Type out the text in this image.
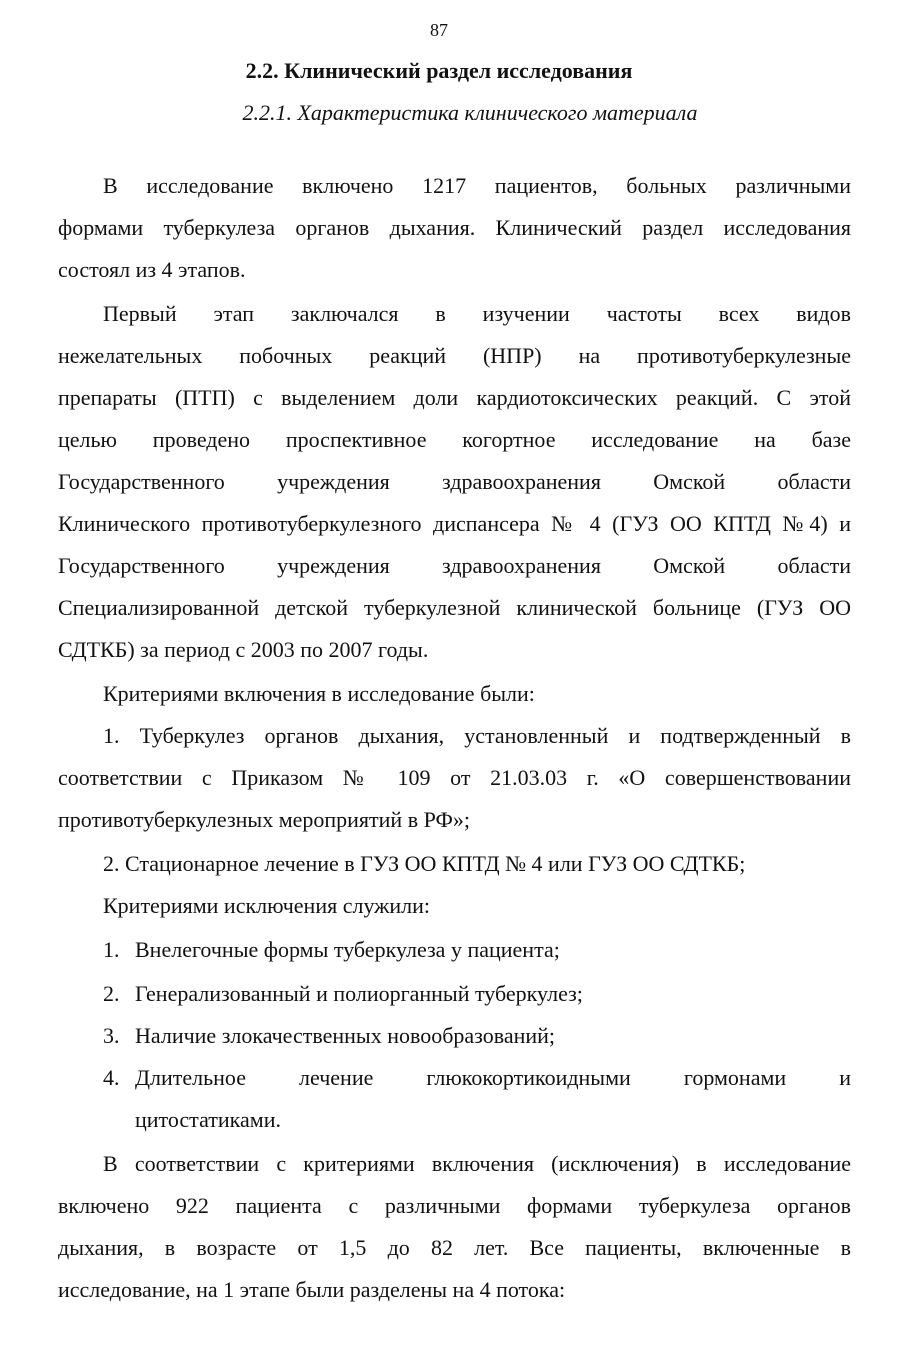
87
2.2. Клинический раздел исследования
2.2.1. Характеристика клинического материала
В исследование включено 1217 пациентов, больных различными
формами туберкулеза органов дыхания. Клинический раздел исследования
состоял из 4 этапов.
Первый этап заключался в изучении частоты всех видов
нежелательных побочных реакций (НПР) на противотуберкулезные
препараты (ПТП) с выделением доли кардиотоксических реакций. С этой
целью проведено проспективное когортное исследование на базе
Государственного учреждения здравоохранения Омской области
Клинического противотуберкулезного диспансера № 4 (ГУЗ ОО КПТД №4) и
Государственного учреждения здравоохранения Омской области
Специализированной детской туберкулезной клинической больнице (ГУЗ ОО
СДТКБ) за период с 2003 по 2007 годы.
Критериями включения в исследование были:
1. Туберкулез органов дыхания, установленный и подтвержденный в
соответствии с Приказом № 109 от 21.03.03 г. «О совершенствовании
противотуберкулезных мероприятий в РФ»;
2. Стационарное лечение в ГУЗ ОО КПТД № 4 или ГУЗ ОО СДТКБ;
Критериями исключения служили:
1. Внелегочные формы туберкулеза у пациента;
2. Генерализованный и полиорганный туберкулез;
3. Наличие злокачественных новообразований;
4. Длительное лечение глюкокортикоидными гормонами и
цитостатиками.
В соответствии с критериями включения (исключения) в исследование
включено 922 пациента с различными формами туберкулеза органов
дыхания, в возрасте от 1,5 до 82 лет. Все пациенты, включенные в
исследование, на 1 этапе были разделены на 4 потока:
